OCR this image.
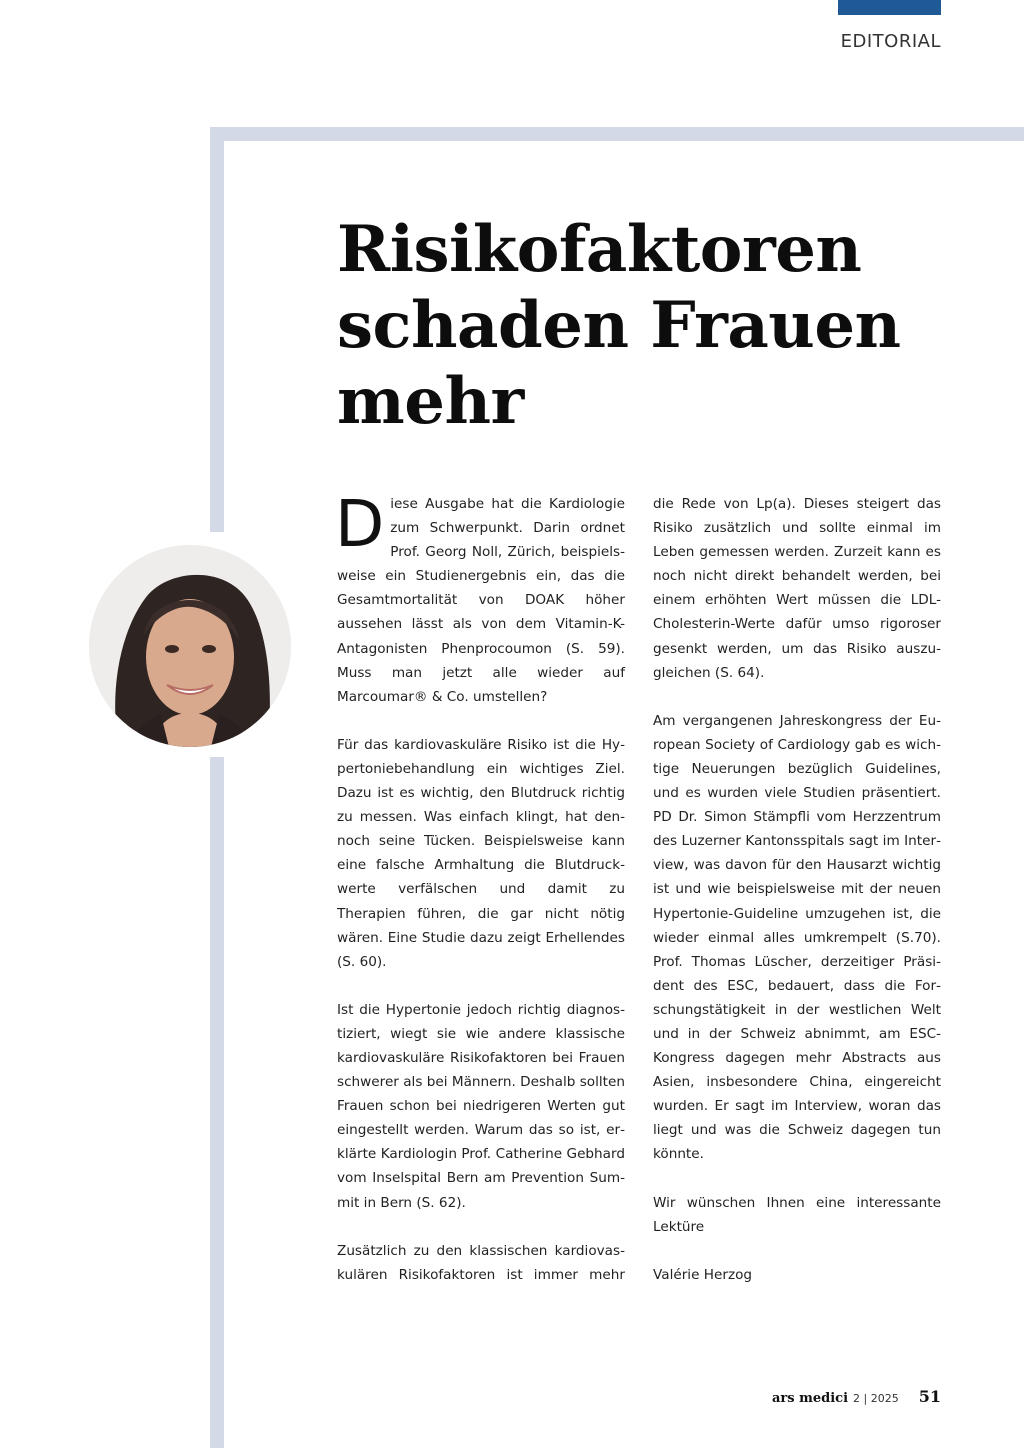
EDITORIAL
Risikofaktoren schaden Frauen mehr

Diese Ausgabe hat die Kardiologie zum Schwerpunkt. Darin ordnet Prof. Georg Noll, Zürich, beispielsweise ein Studienergebnis ein, das die Gesamtmortalität von DOAK höher aussehen lässt als von dem Vitamin-K-Antagonisten Phenprocoumon (S. 59). Muss man jetzt alle wieder auf Marcoumar® & Co. umstellen?

Für das kardiovaskuläre Risiko ist die Hypertoniebehandlung ein wichtiges Ziel. Dazu ist es wichtig, den Blutdruck richtig zu messen. Was einfach klingt, hat dennoch seine Tücken. Beispielsweise kann eine falsche Armhaltung die Blutdruckwerte verfälschen und damit zu Therapien führen, die gar nicht nötig wären. Eine Studie dazu zeigt Erhellendes (S. 60).

Ist die Hypertonie jedoch richtig diagnostiziert, wiegt sie wie andere klassische kardiovaskuläre Risikofaktoren bei Frauen schwerer als bei Männern. Deshalb sollten Frauen schon bei niedrigeren Werten gut eingestellt werden. Warum das so ist, erklärte Kardiologin Prof. Catherine Gebhard vom Inselspital Bern am Prevention Summit in Bern (S. 62).

Zusätzlich zu den klassischen kardiovaskulären Risikofaktoren ist immer mehr

die Rede von Lp(a). Dieses steigert das Risiko zusätzlich und sollte einmal im Leben gemessen werden. Zurzeit kann es noch nicht direkt behandelt werden, bei einem erhöhten Wert müssen die LDL-Cholesterin-Werte dafür umso rigoroser gesenkt werden, um das Risiko auszugleichen (S. 64).

Am vergangenen Jahreskongress der European Society of Cardiology gab es wichtige Neuerungen bezüglich Guidelines, und es wurden viele Studien präsentiert. PD Dr. Simon Stämpfli vom Herzzentrum des Luzerner Kantonsspitals sagt im Interview, was davon für den Hausarzt wichtig ist und wie beispielsweise mit der neuen Hypertonie-Guideline umzugehen ist, die wieder einmal alles umkrempelt (S.70). Prof. Thomas Lüscher, derzeitiger Präsident des ESC, bedauert, dass die Forschungstätigkeit in der westlichen Welt und in der Schweiz abnimmt, am ESC-Kongress dagegen mehr Abstracts aus Asien, insbesondere China, eingereicht wurden. Er sagt im Interview, woran das liegt und was die Schweiz dagegen tun könnte.

Wir wünschen Ihnen eine interessante Lektüre

Valérie Herzog

ars medici 2 | 2025 51
